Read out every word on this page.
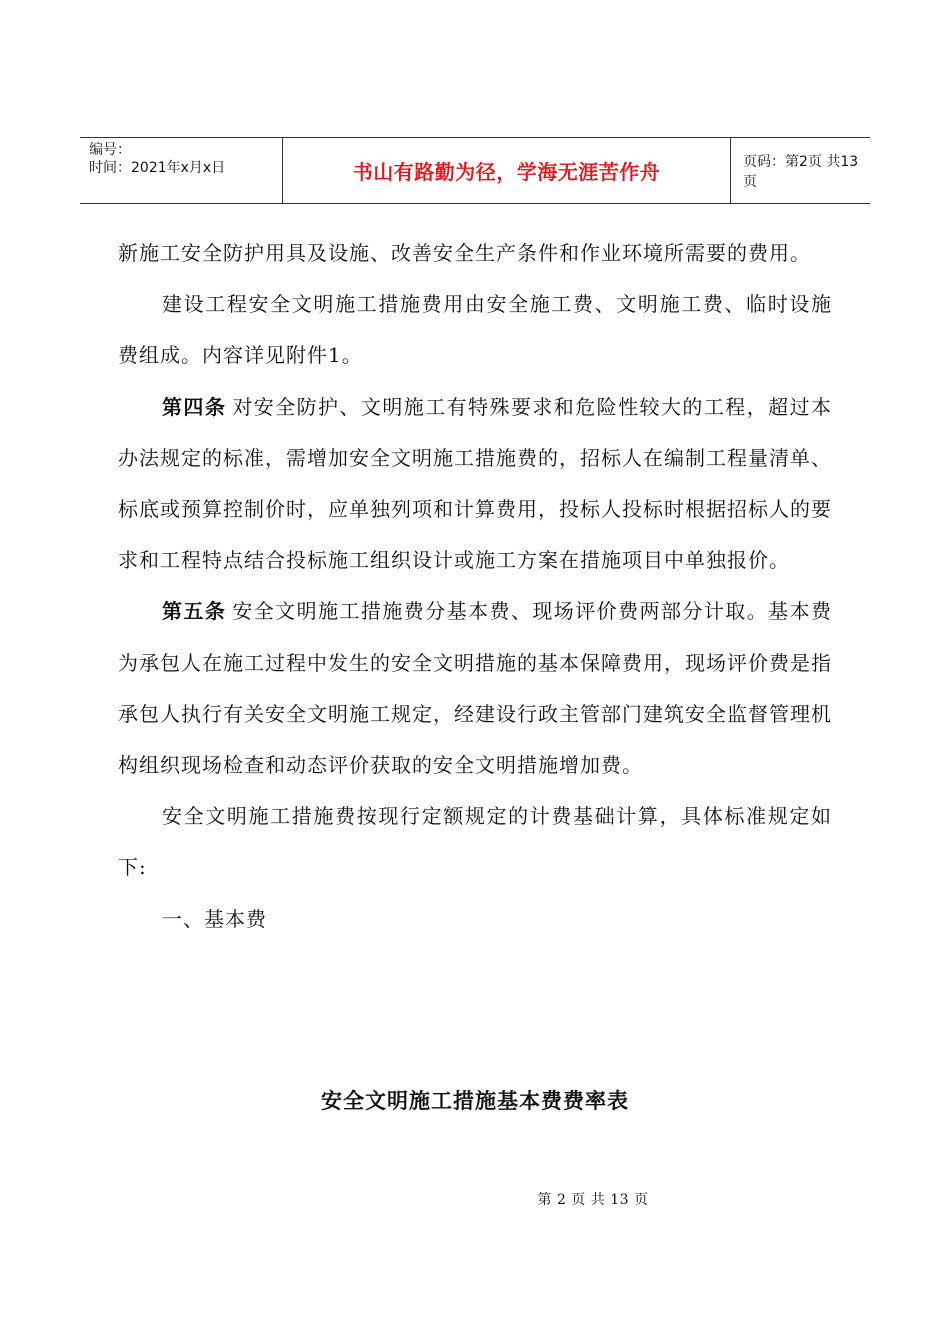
编号：
时间：2021年x月x日	书山有路勤为径，学海无涯苦作舟	页码：第2页 共13页

新施工安全防护用具及设施、改善安全生产条件和作业环境所需要的费用。

建设工程安全文明施工措施费用由安全施工费、文明施工费、临时设施费组成。内容详见附件1。

第四条 对安全防护、文明施工有特殊要求和危险性较大的工程，超过本办法规定的标准，需增加安全文明施工措施费的，招标人在编制工程量清单、标底或预算控制价时，应单独列项和计算费用，投标人投标时根据招标人的要求和工程特点结合投标施工组织设计或施工方案在措施项目中单独报价。

第五条 安全文明施工措施费分基本费、现场评价费两部分计取。基本费为承包人在施工过程中发生的安全文明措施的基本保障费用，现场评价费是指承包人执行有关安全文明施工规定，经建设行政主管部门建筑安全监督管理机构组织现场检查和动态评价获取的安全文明措施增加费。

安全文明施工措施费按现行定额规定的计费基础计算，具体标准规定如下:

一、基本费

安全文明施工措施基本费费率表
第 2 页 共 13 页
